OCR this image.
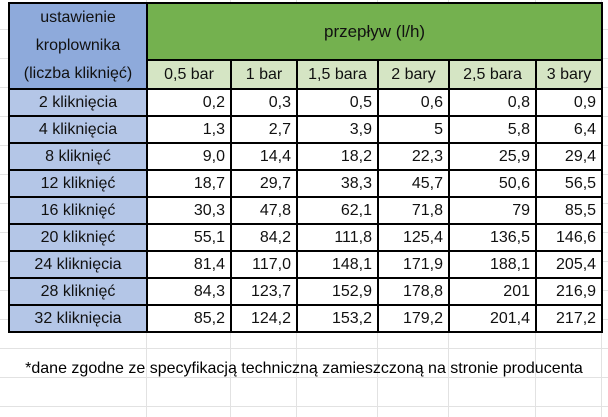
ustawienie
kroplownika
(liczba kliknięć)	przepływ (l/h)					
	0,5 bar	1 bar	1,5 bara	2 bary	2,5 bara	3 bary
2 kliknięcia	0,2	0,3	0,5	0,6	0,8	0,9
4 kliknięcia	1,3	2,7	3,9	5	5,8	6,4
8 kliknięć	9,0	14,4	18,2	22,3	25,9	29,4
12 kliknięć	18,7	29,7	38,3	45,7	50,6	56,5
16 kliknięć	30,3	47,8	62,1	71,8	79	85,5
20 kliknięć	55,1	84,2	111,8	125,4	136,5	146,6
24 kliknięcia	81,4	117,0	148,1	171,9	188,1	205,4
28 kliknięć	84,3	123,7	152,9	178,8	201	216,9
32 kliknięcia	85,2	124,2	153,2	179,2	201,4	217,2
*dane zgodne ze specyfikacją techniczną zamieszczoną na stronie producenta
